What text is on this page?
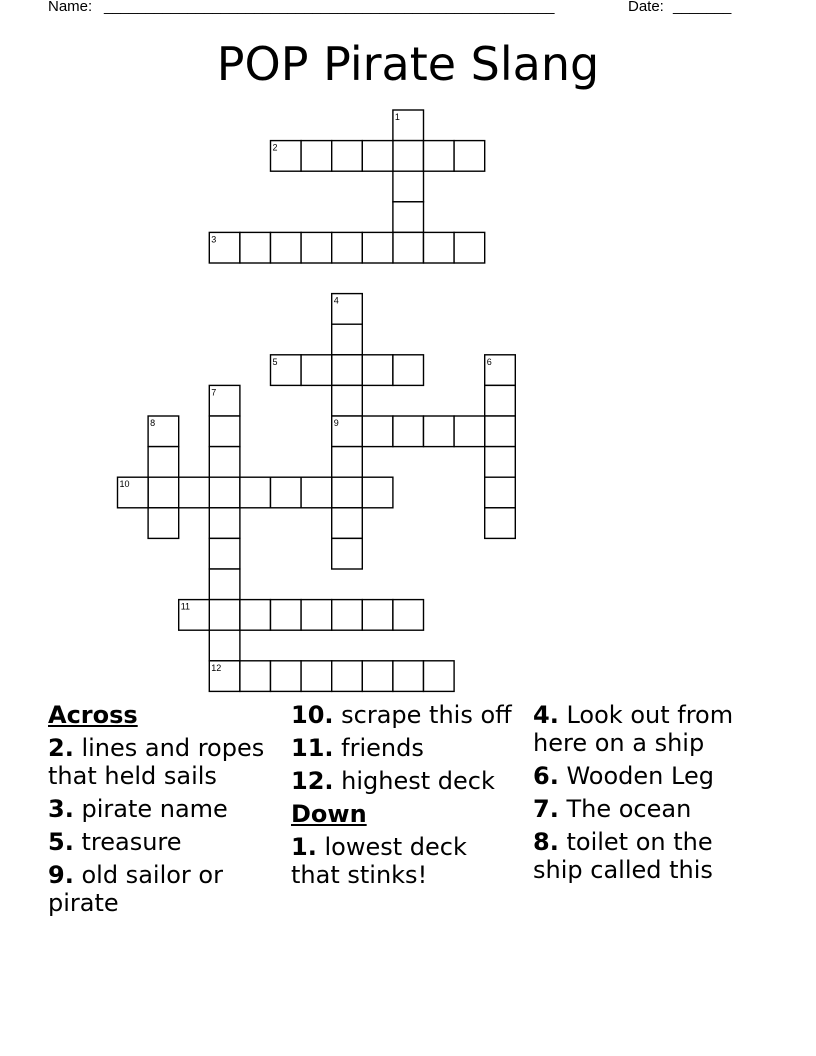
Name: ______________________________________________________	Date: _______
POP Pirate Slang
1
2
3
4
9
5	6
7
12
8
10
11
Across
2. lines and ropes that held sails
3. pirate name
5. treasure
9. old sailor or pirate
10. scrape this off
11. friends
12. highest deck
Down
1. lowest deck that stinks!
4. Look out from here on a ship
6. Wooden Leg
7. The ocean
8. toilet on the ship called this
